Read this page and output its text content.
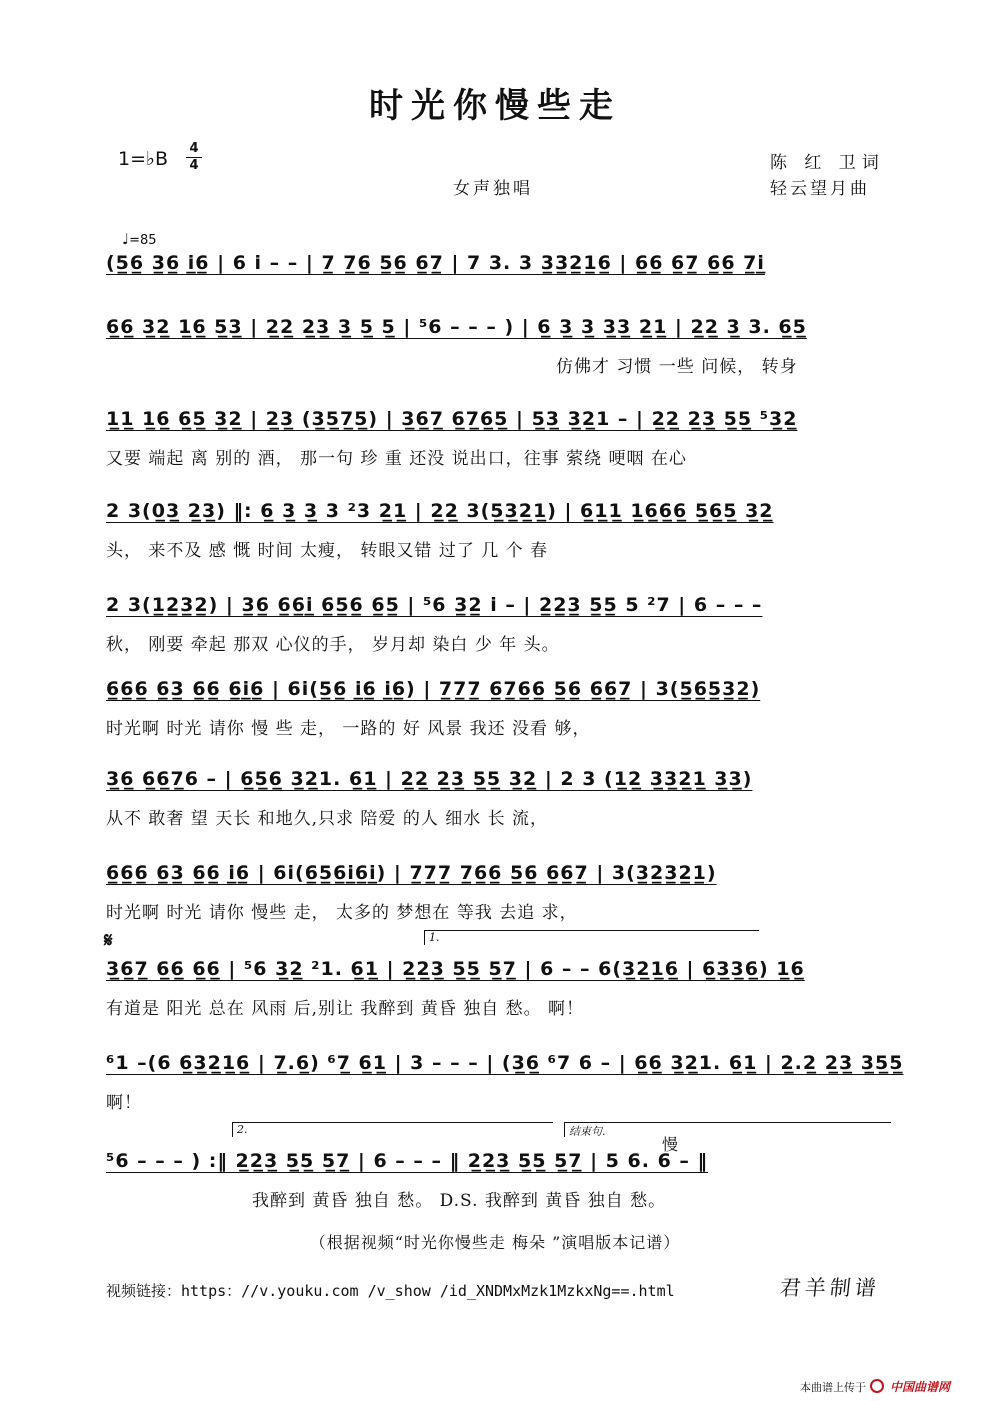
时光你慢些走
1=♭B 4
4
女声独唱
陈 红 卫词
轻云望月曲
♩=85
(5̲6̲ 3̲6̲ i̲6̲ | 6 i – – | 7̲ 7̲6̲ 5̲6̲ 6̲7̲ | 7 3. 3 3̲3̲2̲1̲6̲ | 6̲6̲ 6̲7̲ 6̲6̲ 7̲i̲
6̲6̲ 3̲2̲ 1̲6̲ 5̲3̲ | 2̲2̲ 2̲3̲ 3̲ 5̲ 5̲ | ⁵6 – – – ) | 6̲ 3̲ 3̲ 3̲3̲ 2̲1̲ | 2̲2̲ 3̲ 3. 6̲5̲
仿佛才 习惯 一些 问候， 转身
1̲1̲ 1̲6̲ 6̲5̲ 3̲2̲ | 2̲3̲ (3̲5̲7̲5̲) | 3̲6̲7̲ 6̲7̲6̲5̲ | 5̲3̲ 3̲2̲1 – | 2̲2̲ 2̲3̲ 5̲5̲ ⁵3̲2̲
又要 端起 离 别的 酒， 那一句 珍 重 还没 说出口，往事 萦绕 哽咽 在心
2 3(0̲3̲ 2̲3̲) ‖: 6̲ 3̲ 3̲ 3 ²3 2̲1̲ | 2̲2̲ 3(5̲3̲2̲1̲) | 6̲1̲1̲ 1̲6̲6̲6̲ 5̲6̲5̲ 3̲2̲
头， 来不及 感 慨 时间 太瘦， 转眼又错 过了 几 个 春
2 3(1̲2̲3̲2̲) | 3̲6̲ 6̲6̲i̲ 6̲5̲6̲ 6̲5̲ | ⁵6 3̲2̲ i – | 2̲2̲3̲ 5̲5̲ 5 ²7 | 6 – – –
秋， 刚要 牵起 那双 心仪的手， 岁月却 染白 少 年 头。
6̲6̲6̲ 6̲3̲ 6̲6̲ 6̲i̲6̲ | 6i(5̲6̲ i̲6̲ i̲6̲) | 7̲7̲7̲ 6̲7̲6̲6̲ 5̲6̲ 6̲6̲7̲ | 3(5̲6̲5̲3̲2̲)
时光啊 时光 请你 慢 些 走， 一路的 好 风景 我还 没看 够，
3̲6̲ 6̲6̲7̲6 – | 6̲5̲6̲ 3̲2̲1. 6̲1̲ | 2̲2̲ 2̲3̲ 5̲5̲ 3̲2̲ | 2 3 (1̲2̲ 3̲3̲2̲1̲ 3̲3̲)
从不 敢奢 望 天长 和地久,只求 陪爱 的人 细水 长 流，
6̲6̲6̲ 6̲3̲ 6̲6̲ i̲6̲ | 6i(6̲5̲6̲i̲6̲i̲) | 7̲7̲7̲ 7̲6̲6̲ 5̲6̲ 6̲6̲7̲ | 3(3̲2̲3̲2̲1̲)
时光啊 时光 请你 慢些 走， 太多的 梦想在 等我 去追 求，
𝄋	1.
3̲6̲7̲ 6̲6̲ 6̲6̲ | ⁵6 3̲2̲ ²1. 6̲1̲ | 2̲2̲3̲ 5̲5̲ 5̲7̲ | 6 – – 6(3̲2̲1̲6̲ | 6̲3̲3̲6̲) 1̲6̲
有道是 阳光 总在 风雨 后,别让 我醉到 黄昏 独自 愁。 啊！
⁶1 –(6 6̲3̲2̲1̲6̲ | 7̲.6̲) ⁶7̲ 6̲1̲ | 3 – – – | (3̲6̲ ⁶7 6 – | 6̲6̲ 3̲2̲1. 6̲1̲ | 2̲.2̲ 2̲3̲ 3̲5̲5̲
啊！
2.	结束句.
慢
⁵6 – – – ) :‖ 2̲2̲3̲ 5̲5̲ 5̲7̲ | 6 – – – ‖ 2̲2̲3̲ 5̲5̲ 5̲7̲ | 5 6. 6 – ‖
我醉到 黄昏 独自 愁。 D.S. 我醉到 黄昏 独自 愁。
（根据视频“时光你慢些走 梅朵 ”演唱版本记谱）
视频链接：https：//v.youku.com /v_show /id_XNDMxMzk1MzkxNg==.html	君羊制谱
本曲谱上传于 中国曲谱网
